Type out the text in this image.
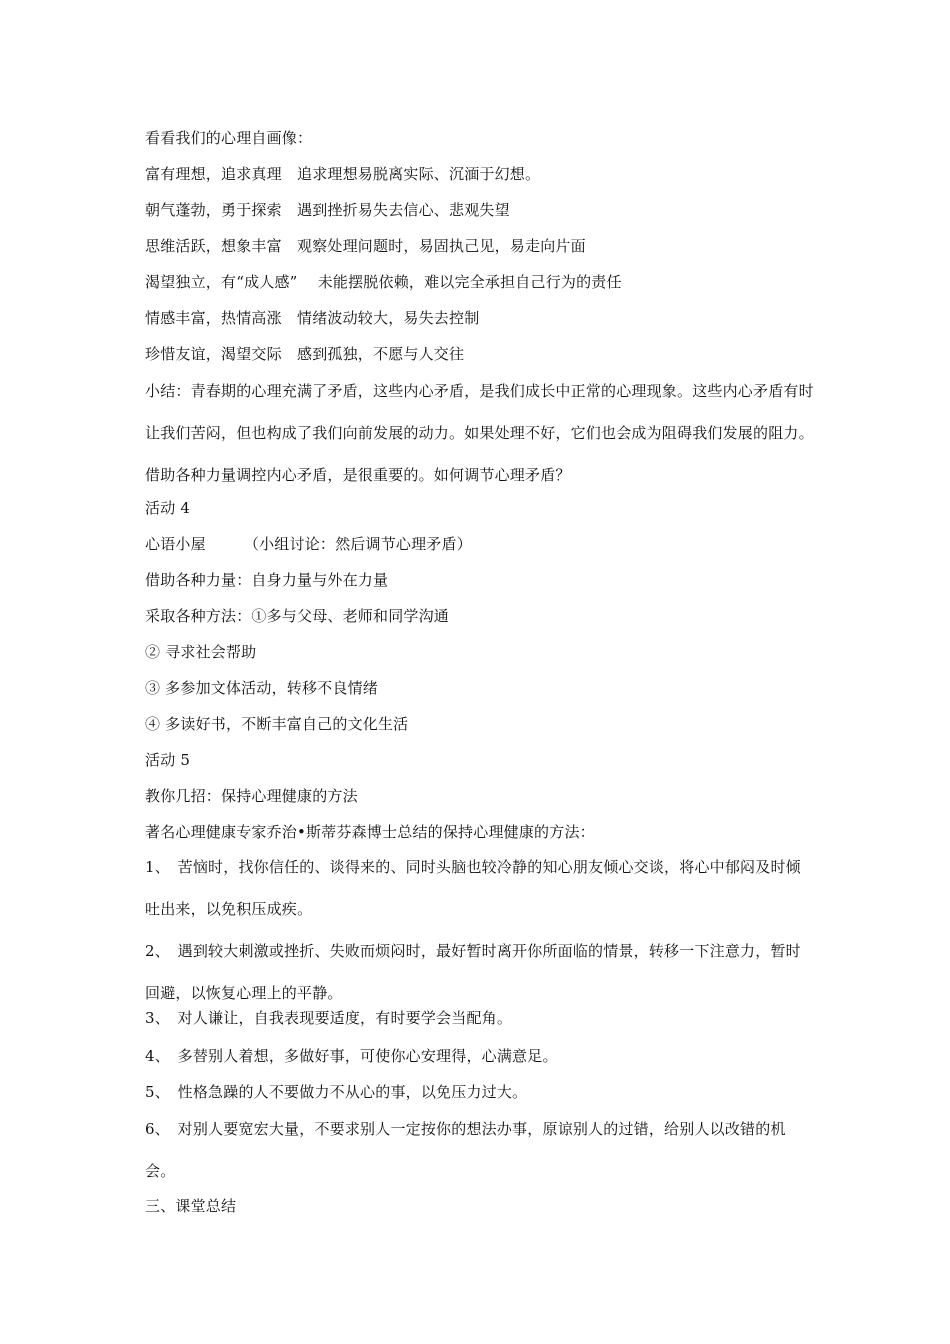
看看我们的心理自画像：
富有理想，追求真理　追求理想易脱离实际、沉湎于幻想。
朝气蓬勃，勇于探索　遇到挫折易失去信心、悲观失望
思维活跃，想象丰富　观察处理问题时，易固执己见，易走向片面
渴望独立，有“成人感”　 未能摆脱依赖，难以完全承担自己行为的责任
情感丰富，热情高涨　情绪波动较大，易失去控制
珍惜友谊，渴望交际　感到孤独，不愿与人交往
小结：青春期的心理充满了矛盾，这些内心矛盾，是我们成长中正常的心理现象。这些内心矛盾有时让我们苦闷，但也构成了我们向前发展的动力。如果处理不好，它们也会成为阻碍我们发展的阻力。借助各种力量调控内心矛盾，是很重要的。如何调节心理矛盾？
活动 4
心语小屋　　　（小组讨论：然后调节心理矛盾）
借助各种力量：自身力量与外在力量
采取各种方法：①多与父母、老师和同学沟通
② 寻求社会帮助
③ 多参加文体活动，转移不良情绪
④ 多读好书，不断丰富自己的文化生活
活动 5
教你几招：保持心理健康的方法
著名心理健康专家乔治•斯蒂芬森博士总结的保持心理健康的方法：
1、　苦恼时，找你信任的、谈得来的、同时头脑也较冷静的知心朋友倾心交谈，将心中郁闷及时倾吐出来，以免积压成疾。
2、　遇到较大刺激或挫折、失败而烦闷时，最好暂时离开你所面临的情景，转移一下注意力，暂时回避，以恢复心理上的平静。
3、　对人谦让，自我表现要适度，有时要学会当配角。
4、　多替别人着想，多做好事，可使你心安理得，心满意足。
5、　性格急躁的人不要做力不从心的事，以免压力过大。
6、　对别人要宽宏大量，不要求别人一定按你的想法办事，原谅别人的过错，给别人以改错的机会。
三、课堂总结
